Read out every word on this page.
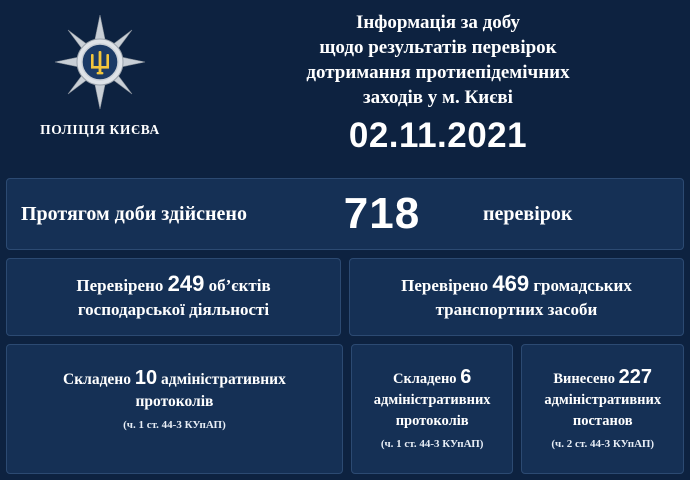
ПОЛІЦІЯ КИЄВА
Інформація за добу
щодо результатів перевірок
дотримання протиепідемічних
заходів у м. Києві
02.11.2021
Протягом доби здійснено	718	перевірок
Перевірено 249 об’єктів
господарської діяльності
Перевірено 469 громадських
транспортних засоби
Складено 10 адміністративних
протоколів
(ч. 1 ст. 44-3 КУпАП)
Складено 6
адміністративних
протоколів
(ч. 1 ст. 44-3 КУпАП)
Винесено 227
адміністративних
постанов
(ч. 2 ст. 44-3 КУпАП)
